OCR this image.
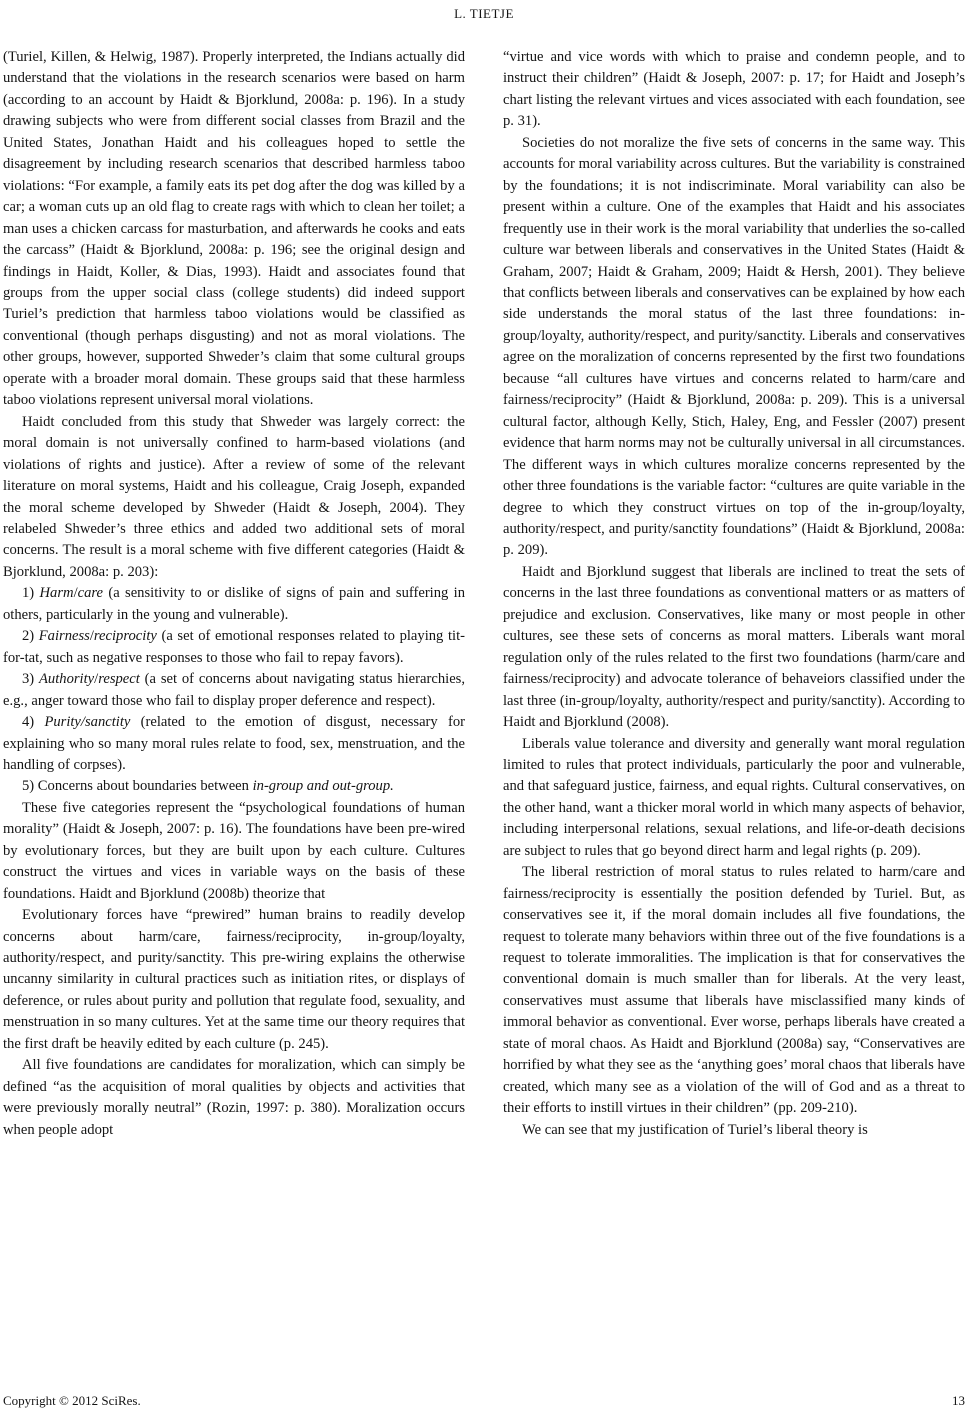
L. TIETJE

(Turiel, Killen, & Helwig, 1987). Properly interpreted, the Indians actually did understand that the violations in the research scenarios were based on harm (according to an account by Haidt & Bjorklund, 2008a: p. 196). In a study drawing subjects who were from different social classes from Brazil and the United States, Jonathan Haidt and his colleagues hoped to settle the disagreement by including research scenarios that described harmless taboo violations: “For example, a family eats its pet dog after the dog was killed by a car; a woman cuts up an old flag to create rags with which to clean her toilet; a man uses a chicken carcass for masturbation, and afterwards he cooks and eats the carcass” (Haidt & Bjorklund, 2008a: p. 196; see the original design and findings in Haidt, Koller, & Dias, 1993). Haidt and associates found that groups from the upper social class (college students) did indeed support Turiel’s prediction that harmless taboo violations would be classified as conventional (though perhaps disgusting) and not as moral violations. The other groups, however, supported Shweder’s claim that some cultural groups operate with a broader moral domain. These groups said that these harmless taboo violations represent universal moral violations.

Haidt concluded from this study that Shweder was largely correct: the moral domain is not universally confined to harm-based violations (and violations of rights and justice). After a review of some of the relevant literature on moral systems, Haidt and his colleague, Craig Joseph, expanded the moral scheme developed by Shweder (Haidt & Joseph, 2004). They relabeled Shweder’s three ethics and added two additional sets of moral concerns. The result is a moral scheme with five different categories (Haidt & Bjorklund, 2008a: p. 203):

1) Harm/care (a sensitivity to or dislike of signs of pain and suffering in others, particularly in the young and vulnerable).

2) Fairness/reciprocity (a set of emotional responses related to playing tit-for-tat, such as negative responses to those who fail to repay favors).

3) Authority/respect (a set of concerns about navigating status hierarchies, e.g., anger toward those who fail to display proper deference and respect).

4) Purity/sanctity (related to the emotion of disgust, necessary for explaining who so many moral rules relate to food, sex, menstruation, and the handling of corpses).

5) Concerns about boundaries between in-group and out-group.

These five categories represent the “psychological foundations of human morality” (Haidt & Joseph, 2007: p. 16). The foundations have been pre-wired by evolutionary forces, but they are built upon by each culture. Cultures construct the virtues and vices in variable ways on the basis of these foundations. Haidt and Bjorklund (2008b) theorize that

Evolutionary forces have “prewired” human brains to readily develop concerns about harm/care, fairness/reciprocity, in-group/loyalty, authority/respect, and purity/sanctity. This pre-wiring explains the otherwise uncanny similarity in cultural practices such as initiation rites, or displays of deference, or rules about purity and pollution that regulate food, sexuality, and menstruation in so many cultures. Yet at the same time our theory requires that the first draft be heavily edited by each culture (p. 245).

All five foundations are candidates for moralization, which can simply be defined “as the acquisition of moral qualities by objects and activities that were previously morally neutral” (Rozin, 1997: p. 380). Moralization occurs when people adopt

“virtue and vice words with which to praise and condemn people, and to instruct their children” (Haidt & Joseph, 2007: p. 17; for Haidt and Joseph’s chart listing the relevant virtues and vices associated with each foundation, see p. 31).

Societies do not moralize the five sets of concerns in the same way. This accounts for moral variability across cultures. But the variability is constrained by the foundations; it is not indiscriminate. Moral variability can also be present within a culture. One of the examples that Haidt and his associates frequently use in their work is the moral variability that underlies the so-called culture war between liberals and conservatives in the United States (Haidt & Graham, 2007; Haidt & Graham, 2009; Haidt & Hersh, 2001). They believe that conflicts between liberals and conservatives can be explained by how each side understands the moral status of the last three foundations: in-group/loyalty, authority/respect, and purity/sanctity. Liberals and conservatives agree on the moralization of concerns represented by the first two foundations because “all cultures have virtues and concerns related to harm/care and fairness/reciprocity” (Haidt & Bjorklund, 2008a: p. 209). This is a universal cultural factor, although Kelly, Stich, Haley, Eng, and Fessler (2007) present evidence that harm norms may not be culturally universal in all circumstances. The different ways in which cultures moralize concerns represented by the other three foundations is the variable factor: “cultures are quite variable in the degree to which they construct virtues on top of the in-group/loyalty, authority/respect, and purity/sanctity foundations” (Haidt & Bjorklund, 2008a: p. 209).

Haidt and Bjorklund suggest that liberals are inclined to treat the sets of concerns in the last three foundations as conventional matters or as matters of prejudice and exclusion. Conservatives, like many or most people in other cultures, see these sets of concerns as moral matters. Liberals want moral regulation only of the rules related to the first two foundations (harm/care and fairness/reciprocity) and advocate tolerance of behaveiors classified under the last three (in-group/loyalty, authority/respect and purity/sanctity). According to Haidt and Bjorklund (2008).

Liberals value tolerance and diversity and generally want moral regulation limited to rules that protect individuals, particularly the poor and vulnerable, and that safeguard justice, fairness, and equal rights. Cultural conservatives, on the other hand, want a thicker moral world in which many aspects of behavior, including interpersonal relations, sexual relations, and life-or-death decisions are subject to rules that go beyond direct harm and legal rights (p. 209).

The liberal restriction of moral status to rules related to harm/care and fairness/reciprocity is essentially the position defended by Turiel. But, as conservatives see it, if the moral domain includes all five foundations, the request to tolerate many behaviors within three out of the five foundations is a request to tolerate immoralities. The implication is that for conservatives the conventional domain is much smaller than for liberals. At the very least, conservatives must assume that liberals have misclassified many kinds of immoral behavior as conventional. Ever worse, perhaps liberals have created a state of moral chaos. As Haidt and Bjorklund (2008a) say, “Conservatives are horrified by what they see as the ‘anything goes’ moral chaos that liberals have created, which many see as a violation of the will of God and as a threat to their efforts to instill virtues in their children” (pp. 209-210).

We can see that my justification of Turiel’s liberal theory is

Copyright © 2012 SciRes.	13
